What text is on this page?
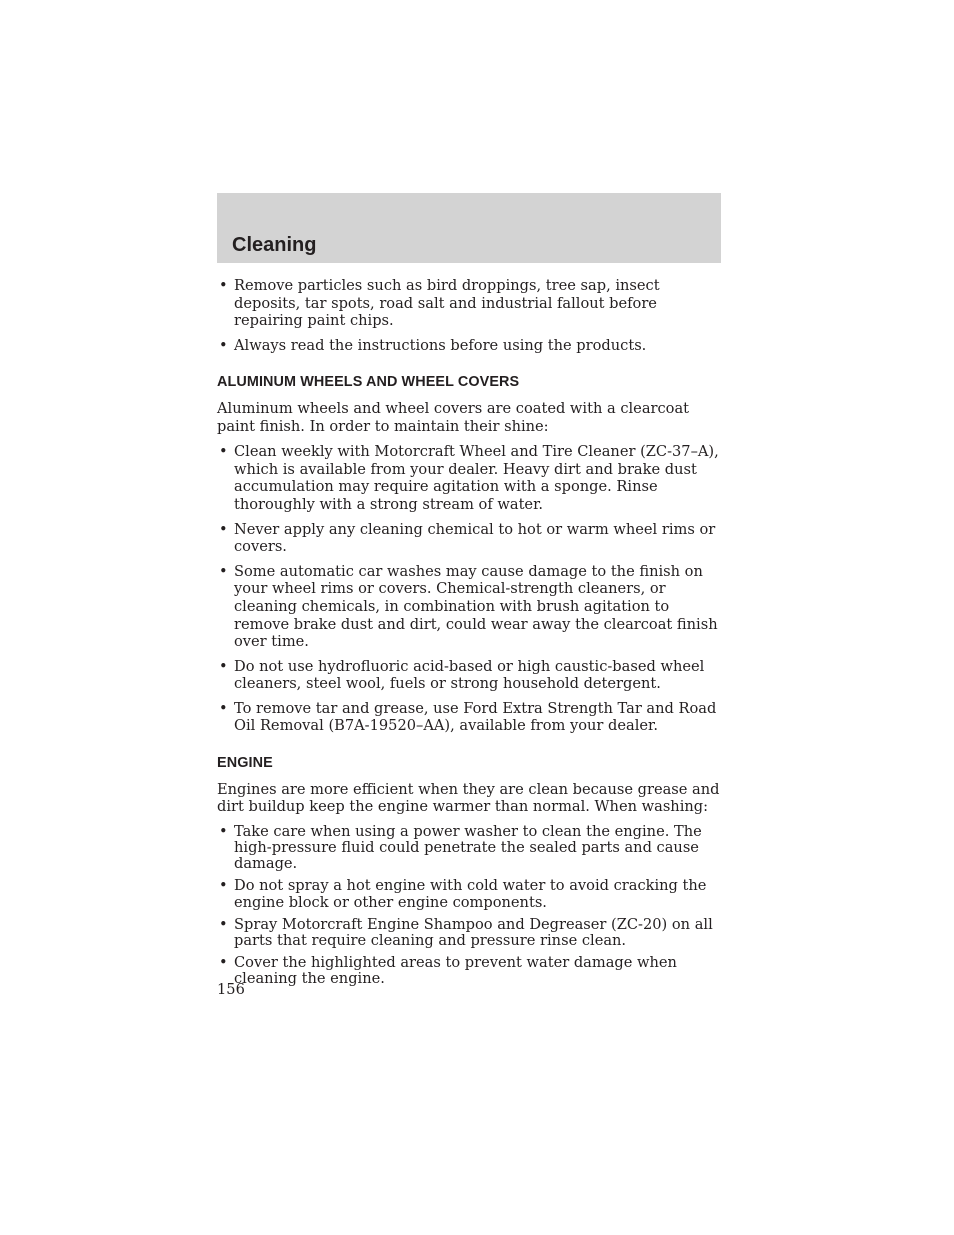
Cleaning
• Remove particles such as bird droppings, tree sap, insect deposits, tar spots, road salt and industrial fallout before repairing paint chips.
• Always read the instructions before using the products.
ALUMINUM WHEELS AND WHEEL COVERS

Aluminum wheels and wheel covers are coated with a clearcoat paint finish. In order to maintain their shine:

• Clean weekly with Motorcraft Wheel and Tire Cleaner (ZC-37–A), which is available from your dealer. Heavy dirt and brake dust accumulation may require agitation with a sponge. Rinse thoroughly with a strong stream of water.
• Never apply any cleaning chemical to hot or warm wheel rims or covers.
• Some automatic car washes may cause damage to the finish on your wheel rims or covers. Chemical-strength cleaners, or cleaning chemicals, in combination with brush agitation to remove brake dust and dirt, could wear away the clearcoat finish over time.
• Do not use hydrofluoric acid-based or high caustic-based wheel cleaners, steel wool, fuels or strong household detergent.
• To remove tar and grease, use Ford Extra Strength Tar and Road Oil Removal (B7A-19520–AA), available from your dealer.
ENGINE

Engines are more efficient when they are clean because grease and dirt buildup keep the engine warmer than normal. When washing:

• Take care when using a power washer to clean the engine. The high-pressure fluid could penetrate the sealed parts and cause damage.
• Do not spray a hot engine with cold water to avoid cracking the engine block or other engine components.
• Spray Motorcraft Engine Shampoo and Degreaser (ZC-20) on all parts that require cleaning and pressure rinse clean.
• Cover the highlighted areas to prevent water damage when cleaning the engine.
156
